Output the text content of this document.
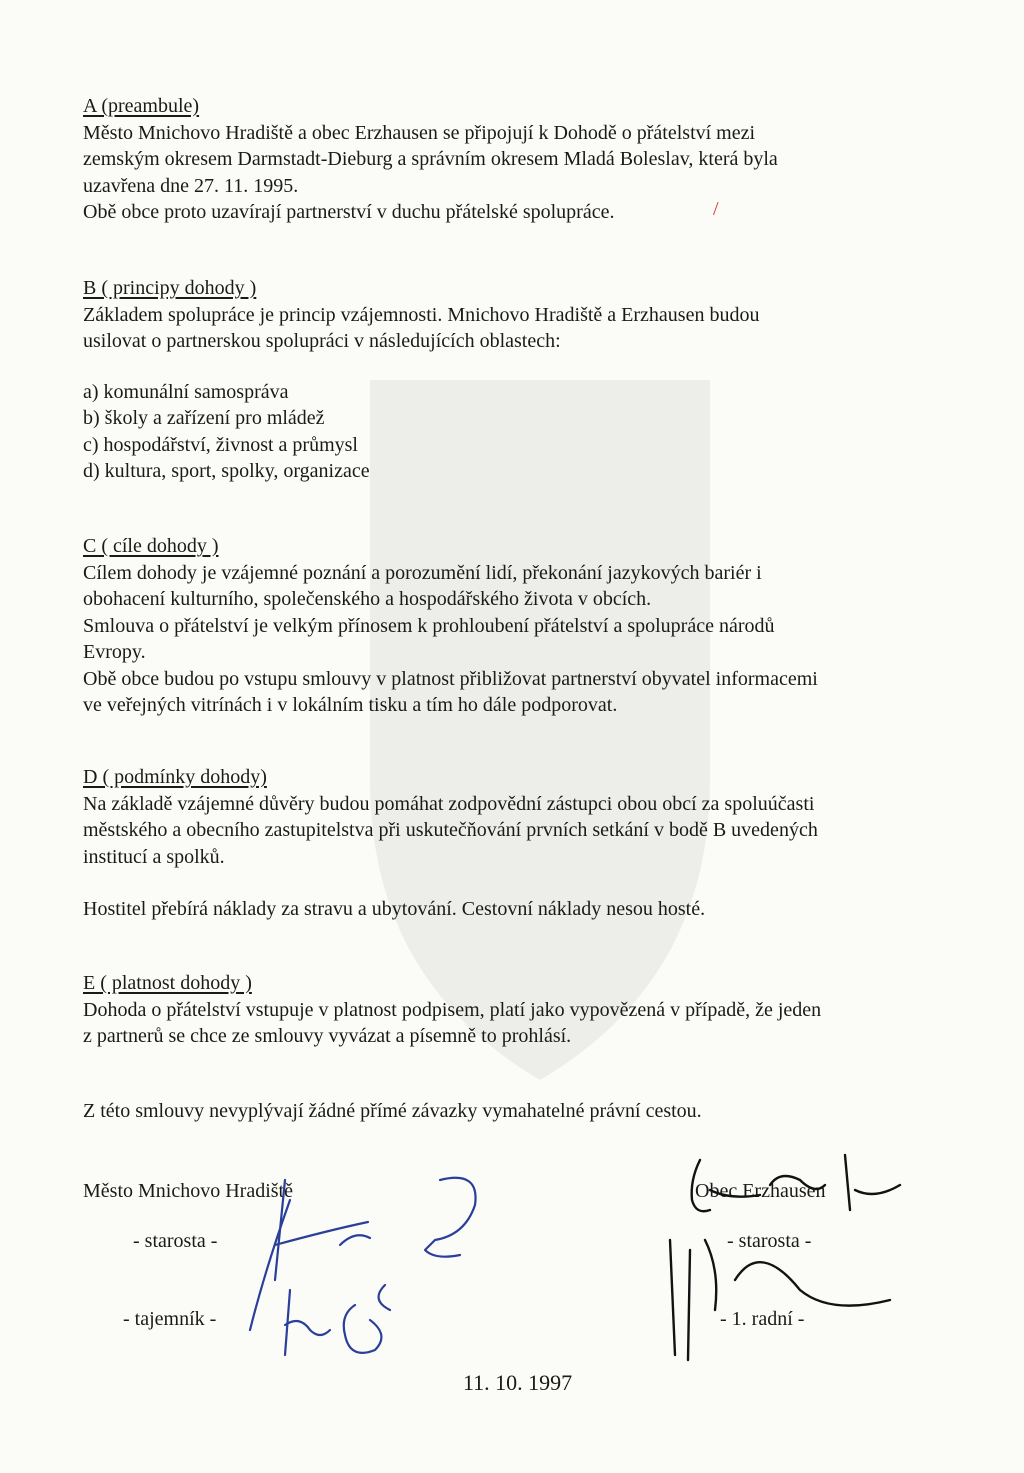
A (preambule)

Město Mnichovo Hradiště a obec Erzhausen se připojují k Dohodě o přátelství mezi

zemským okresem Darmstadt-Dieburg a správním okresem Mladá Boleslav, která byla

uzavřena dne 27. 11. 1995.

Obě obce proto uzavírají partnerství v duchu přátelské spolupráce.

B ( principy dohody )

Základem spolupráce je princip vzájemnosti. Mnichovo Hradiště a Erzhausen budou

usilovat o partnerskou spolupráci v následujících oblastech:

a) komunální samospráva

b) školy a zařízení pro mládež

c) hospodářství, živnost a průmysl

d) kultura, sport, spolky, organizace

C ( cíle dohody )

Cílem dohody je vzájemné poznání a porozumění lidí, překonání jazykových bariér i

obohacení kulturního, společenského a hospodářského života v obcích.

Smlouva o přátelství je velkým přínosem k prohloubení přátelství a spolupráce národů

Evropy.

Obě obce budou po vstupu smlouvy v platnost přibližovat partnerství obyvatel informacemi

ve veřejných vitrínách i v lokálním tisku a tím ho dále podporovat.

D ( podmínky dohody)

Na základě vzájemné důvěry budou pomáhat zodpovědní zástupci obou obcí za spoluúčasti

městského a obecního zastupitelstva při uskutečňování prvních setkání v bodě B uvedených

institucí a spolků.

Hostitel přebírá náklady za stravu a ubytování. Cestovní náklady nesou hosté.

E ( platnost dohody )

Dohoda o přátelství vstupuje v platnost podpisem, platí jako vypovězená v případě, že jeden

z partnerů se chce ze smlouvy vyvázat a písemně to prohlásí.

Z této smlouvy nevyplývají žádné přímé závazky vymahatelné právní cestou.

Město Mnichovo Hradiště
- starosta -
- tajemník -
Obec Erzhausen
- starosta -
- 1. radní -
/
11. 10. 1997
